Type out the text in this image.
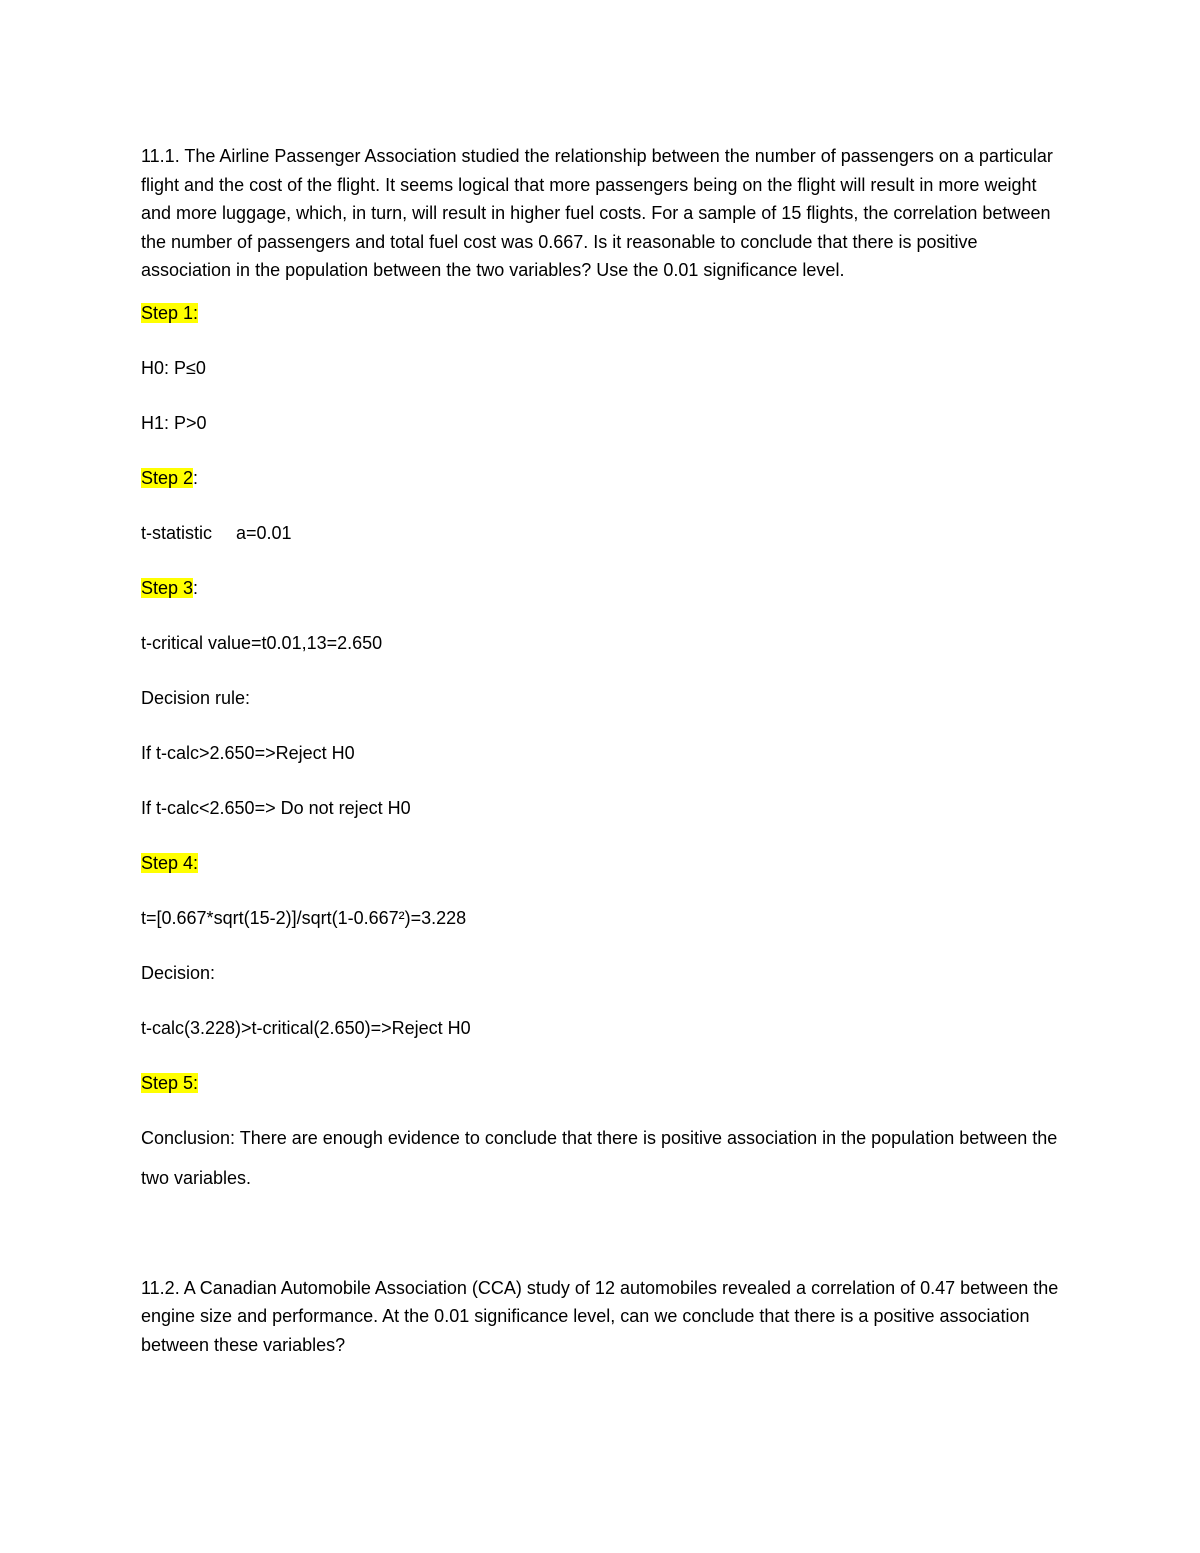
11.1. The Airline Passenger Association studied the relationship between the number of passengers on a particular flight and the cost of the flight. It seems logical that more passengers being on the flight will result in more weight and more luggage, which, in turn, will result in higher fuel costs. For a sample of 15 flights, the correlation between the number of passengers and total fuel cost was 0.667. Is it reasonable to conclude that there is positive association in the population between the two variables? Use the 0.01 significance level.

Step 1:

H0: P≤0

H1: P>0

Step 2:

t-statistic a=0.01

Step 3:

t-critical value=t0.01,13=2.650

Decision rule:

If t-calc>2.650=>Reject H0

If t-calc<2.650=> Do not reject H0

Step 4:

t=[0.667*sqrt(15-2)]/sqrt(1-0.667²)=3.228

Decision:

t-calc(3.228)>t-critical(2.650)=>Reject H0

Step 5:

Conclusion: There are enough evidence to conclude that there is positive association in the population between the two variables.

11.2. A Canadian Automobile Association (CCA) study of 12 automobiles revealed a correlation of 0.47 between the engine size and performance. At the 0.01 significance level, can we conclude that there is a positive association between these variables?
